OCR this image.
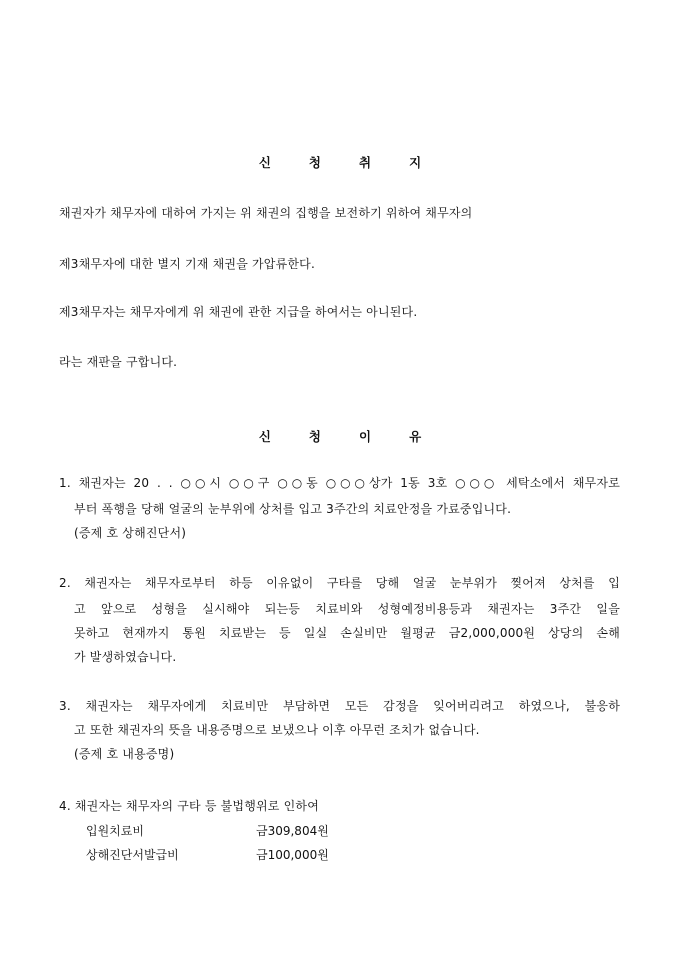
신	청	취	지
채권자가 채무자에 대하여 가지는 위 채권의 집행을 보전하기 위하여 채무자의
제3채무자에 대한 별지 기재 채권을 가압류한다.
제3채무자는 채무자에게 위 채권에 관한 지급을 하여서는 아니된다.
라는 재판을 구합니다.
신	청	이	유
1. 채권자는 20 . . ○○시 ○○구 ○○동 ○○○상가 1동 3호 ○○○ 세탁소에서 채무자로
부터 폭행을 당해 얼굴의 눈부위에 상처를 입고 3주간의 치료안정을 가료중입니다.
(증제 호 상해진단서)
2. 채권자는 채무자로부터 하등 이유없이 구타를 당해 얼굴 눈부위가 찢어져 상처를 입
고 앞으로 성형을 실시해야 되는등 치료비와 성형예정비용등과 채권자는 3주간 일을
못하고 현재까지 통원 치료받는 등 일실 손실비만 월평균 금2,000,000원 상당의 손해
가 발생하였습니다.
3. 채권자는 채무자에게 치료비만 부담하면 모든 감정을 잊어버리려고 하였으나, 불응하
고 또한 채권자의 뜻을 내용증명으로 보냈으나 이후 아무런 조치가 없습니다.
(증제 호 내용증명)
4. 채권자는 채무자의 구타 등 불법행위로 인하여
입원치료비	금309,804원
상해진단서발급비	금100,000원
